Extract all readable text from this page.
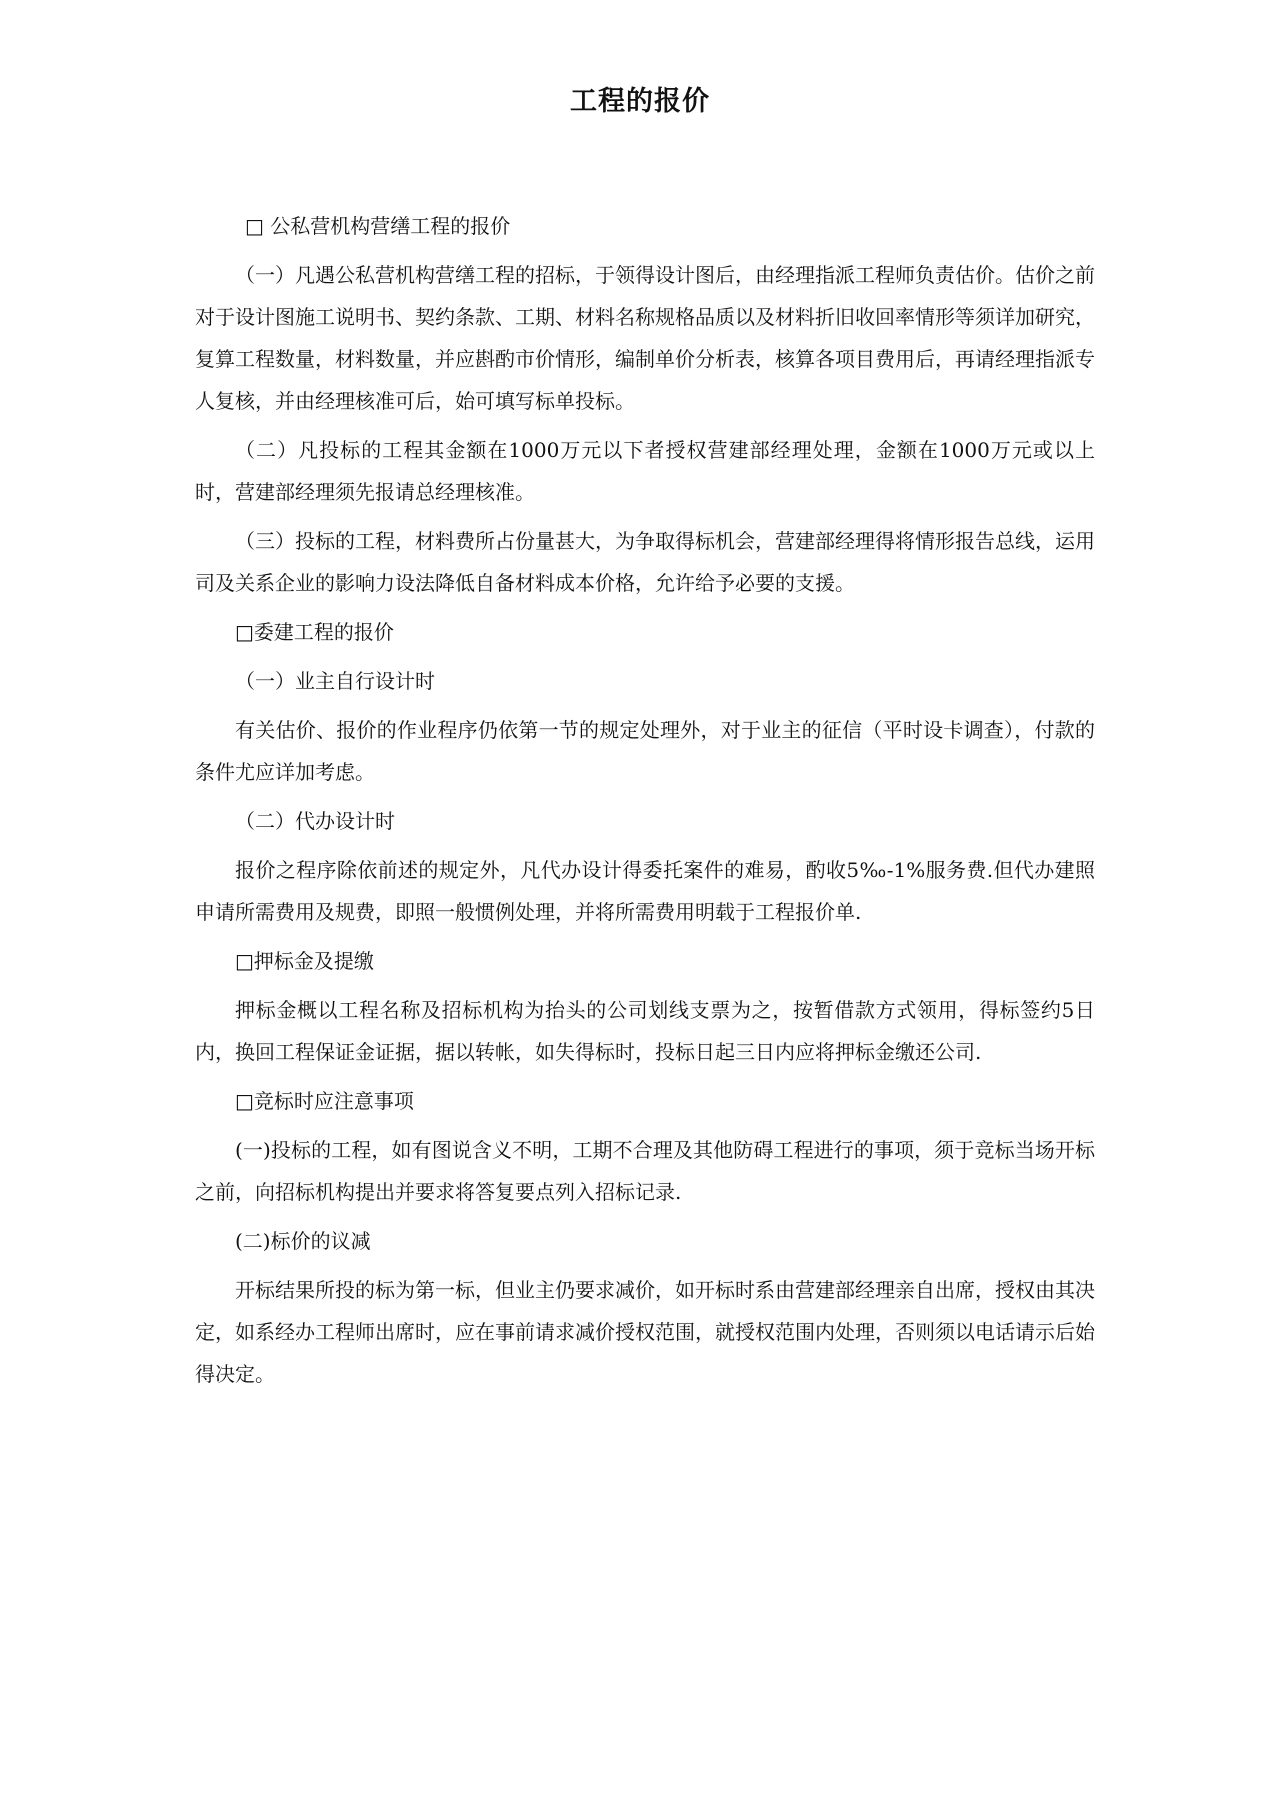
工程的报价

□ 公私营机构营缮工程的报价

（一）凡遇公私营机构营缮工程的招标，于领得设计图后，由经理指派工程师负责估价。估价之前对于设计图施工说明书、契约条款、工期、材料名称规格品质以及材料折旧收回率情形等须详加研究，复算工程数量，材料数量，并应斟酌市价情形，编制单价分析表，核算各项目费用后，再请经理指派专人复核，并由经理核准可后，始可填写标单投标。

（二）凡投标的工程其金额在1000万元以下者授权营建部经理处理，金额在1000万元或以上时，营建部经理须先报请总经理核准。

（三）投标的工程，材料费所占份量甚大，为争取得标机会，营建部经理得将情形报告总线，运用司及关系企业的影响力设法降低自备材料成本价格，允许给予必要的支援。

□委建工程的报价

（一）业主自行设计时

有关估价、报价的作业程序仍依第一节的规定处理外，对于业主的征信（平时设卡调查），付款的条件尤应详加考虑。

（二）代办设计时

报价之程序除依前述的规定外，凡代办设计得委托案件的难易，酌收5‰-1%服务费.但代办建照申请所需费用及规费，即照一般惯例处理，并将所需费用明载于工程报价单.

□押标金及提缴

押标金概以工程名称及招标机构为抬头的公司划线支票为之，按暂借款方式领用，得标签约5日内，换回工程保证金证据，据以转帐，如失得标时，投标日起三日内应将押标金缴还公司.

□竞标时应注意事项

(一)投标的工程，如有图说含义不明，工期不合理及其他防碍工程进行的事项，须于竞标当场开标之前，向招标机构提出并要求将答复要点列入招标记录.

(二)标价的议减

开标结果所投的标为第一标，但业主仍要求减价，如开标时系由营建部经理亲自出席，授权由其决定，如系经办工程师出席时，应在事前请求减价授权范围，就授权范围内处理，否则须以电话请示后始得决定。
